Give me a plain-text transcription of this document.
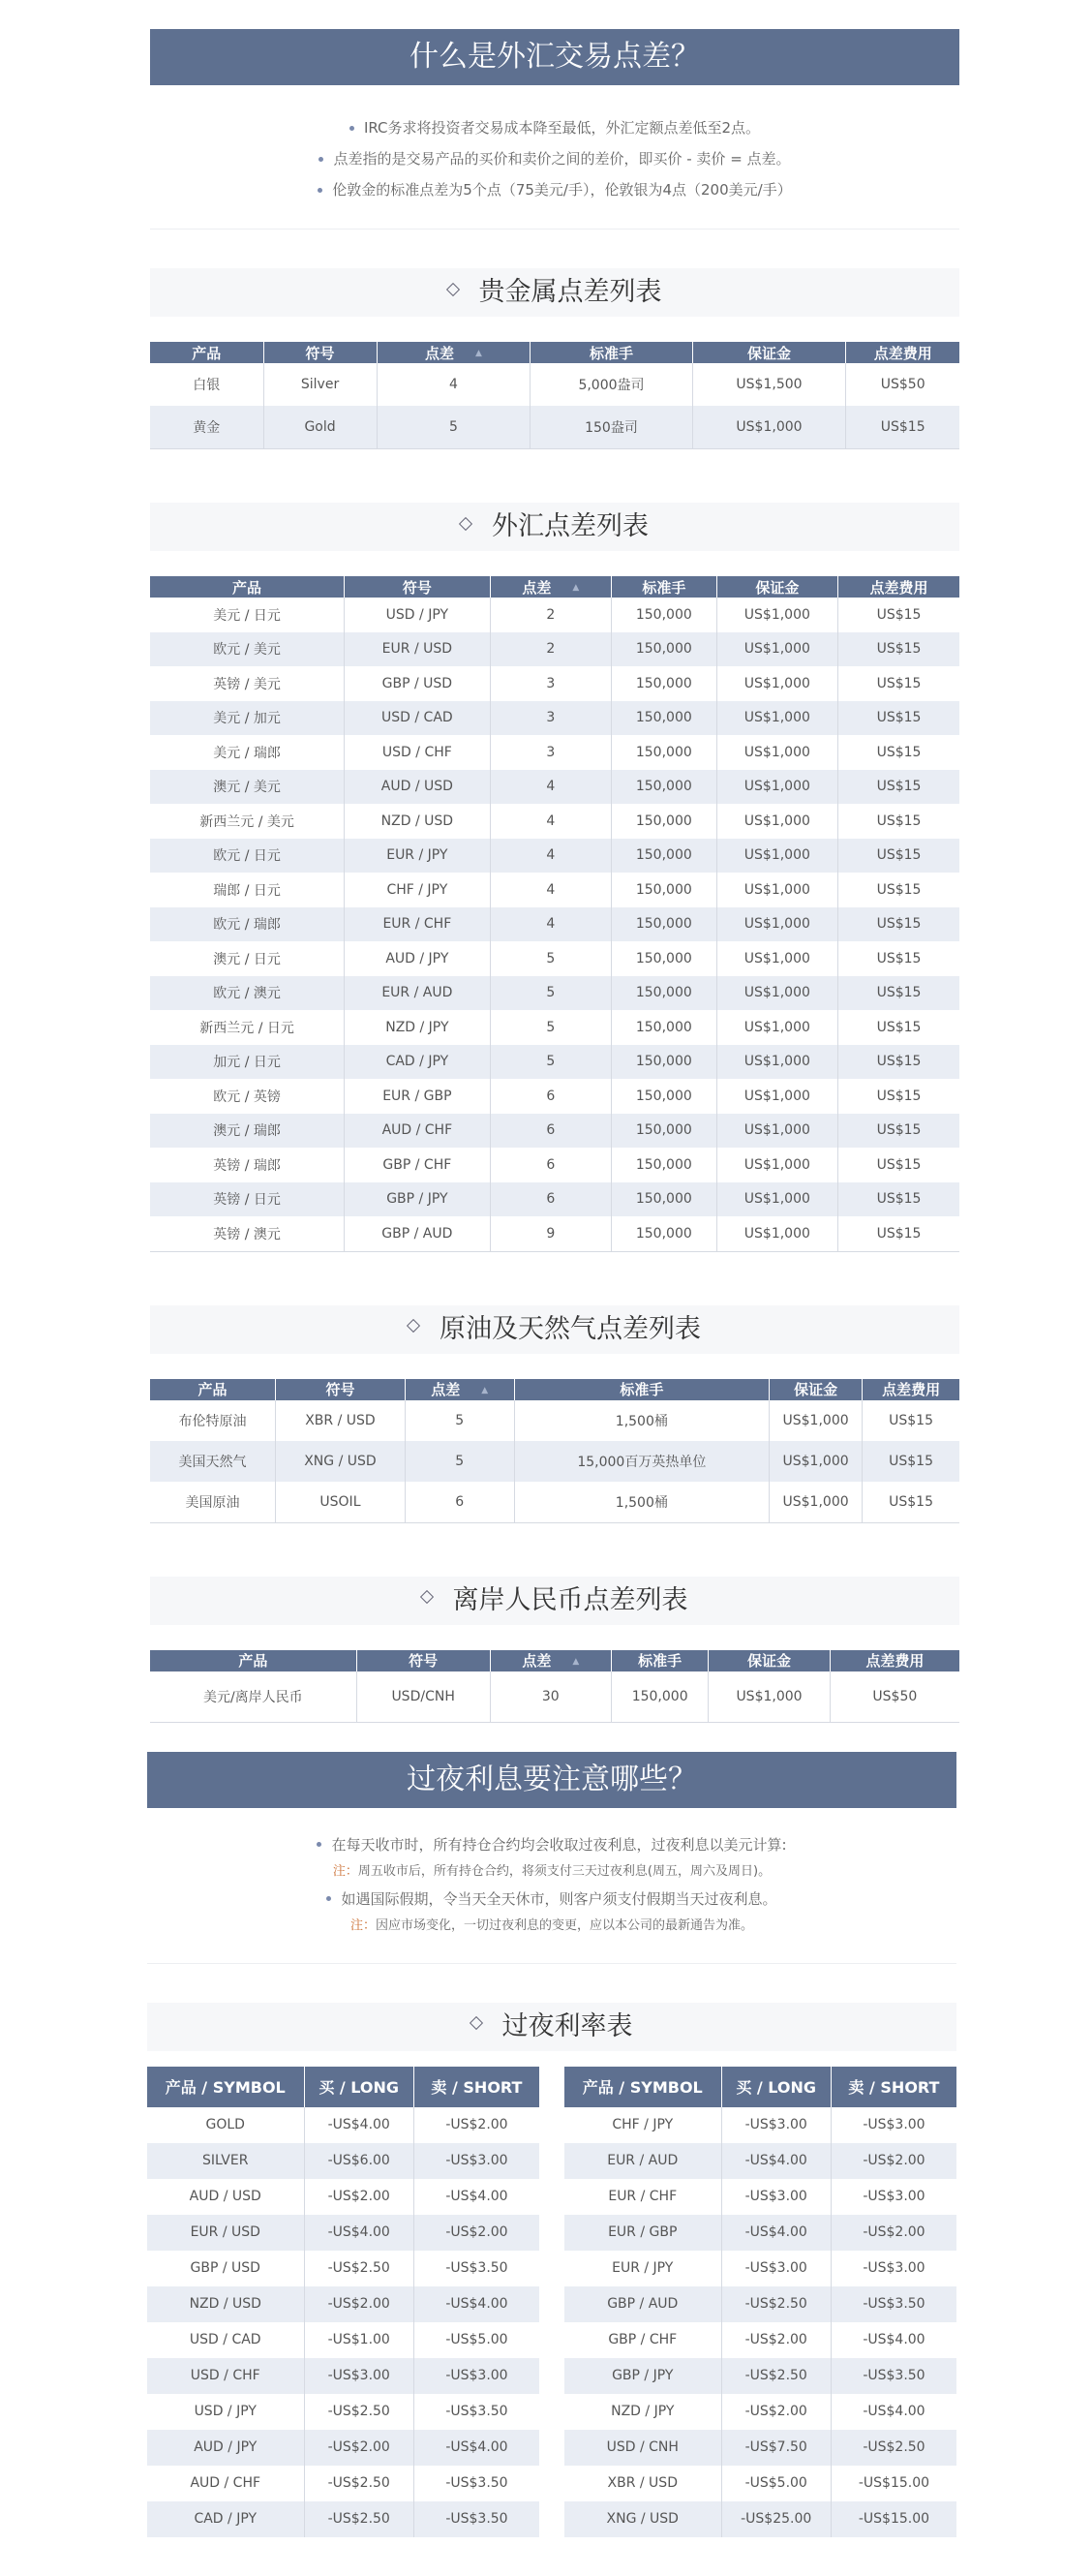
什么是外汇交易点差？
IRC务求将投资者交易成本降至最低，外汇定额点差低至2点。
点差指的是交易产品的买价和卖价之间的差价，即买价 - 卖价 = 点差。
伦敦金的标准点差为5个点（75美元/手），伦敦银为4点（200美元/手）
贵金属点差列表
产品	符号	点差 ▲	标准手	保证金	点差费用
白银	Silver	4	5,000盎司	US$1,500	US$50
黄金	Gold	5	150盎司	US$1,000	US$15
外汇点差列表
产品	符号	点差 ▲	标准手	保证金	点差费用
美元 / 日元	USD / JPY	2	150,000	US$1,000	US$15
欧元 / 美元	EUR / USD	2	150,000	US$1,000	US$15
英镑 / 美元	GBP / USD	3	150,000	US$1,000	US$15
美元 / 加元	USD / CAD	3	150,000	US$1,000	US$15
美元 / 瑞郎	USD / CHF	3	150,000	US$1,000	US$15
澳元 / 美元	AUD / USD	4	150,000	US$1,000	US$15
新西兰元 / 美元	NZD / USD	4	150,000	US$1,000	US$15
欧元 / 日元	EUR / JPY	4	150,000	US$1,000	US$15
瑞郎 / 日元	CHF / JPY	4	150,000	US$1,000	US$15
欧元 / 瑞郎	EUR / CHF	4	150,000	US$1,000	US$15
澳元 / 日元	AUD / JPY	5	150,000	US$1,000	US$15
欧元 / 澳元	EUR / AUD	5	150,000	US$1,000	US$15
新西兰元 / 日元	NZD / JPY	5	150,000	US$1,000	US$15
加元 / 日元	CAD / JPY	5	150,000	US$1,000	US$15
欧元 / 英镑	EUR / GBP	6	150,000	US$1,000	US$15
澳元 / 瑞郎	AUD / CHF	6	150,000	US$1,000	US$15
英镑 / 瑞郎	GBP / CHF	6	150,000	US$1,000	US$15
英镑 / 日元	GBP / JPY	6	150,000	US$1,000	US$15
英镑 / 澳元	GBP / AUD	9	150,000	US$1,000	US$15
原油及天然气点差列表
产品	符号	点差 ▲	标准手	保证金	点差费用
布伦特原油	XBR / USD	5	1,500桶	US$1,000	US$15
美国天然气	XNG / USD	5	15,000百万英热单位	US$1,000	US$15
美国原油	USOIL	6	1,500桶	US$1,000	US$15
离岸人民币点差列表
产品	符号	点差 ▲	标准手	保证金	点差费用
美元/离岸人民币	USD/CNH	30	150,000	US$1,000	US$50
过夜利息要注意哪些？
在每天收市时，所有持仓合约均会收取过夜利息，过夜利息以美元计算:
注：周五收市后，所有持仓合约，将须支付三天过夜利息(周五，周六及周日)。
如遇国际假期，令当天全天休市，则客户须支付假期当天过夜利息。
注：因应市场变化，一切过夜利息的变更，应以本公司的最新通告为准。
过夜利率表
产品 / SYMBOL	买 / LONG	卖 / SHORT
GOLD	-US$4.00	-US$2.00
SILVER	-US$6.00	-US$3.00
AUD / USD	-US$2.00	-US$4.00
EUR / USD	-US$4.00	-US$2.00
GBP / USD	-US$2.50	-US$3.50
NZD / USD	-US$2.00	-US$4.00
USD / CAD	-US$1.00	-US$5.00
USD / CHF	-US$3.00	-US$3.00
USD / JPY	-US$2.50	-US$3.50
AUD / JPY	-US$2.00	-US$4.00
AUD / CHF	-US$2.50	-US$3.50
CAD / JPY	-US$2.50	-US$3.50
产品 / SYMBOL	买 / LONG	卖 / SHORT
CHF / JPY	-US$3.00	-US$3.00
EUR / AUD	-US$4.00	-US$2.00
EUR / CHF	-US$3.00	-US$3.00
EUR / GBP	-US$4.00	-US$2.00
EUR / JPY	-US$3.00	-US$3.00
GBP / AUD	-US$2.50	-US$3.50
GBP / CHF	-US$2.00	-US$4.00
GBP / JPY	-US$2.50	-US$3.50
NZD / JPY	-US$2.00	-US$4.00
USD / CNH	-US$7.50	-US$2.50
XBR / USD	-US$5.00	-US$15.00
XNG / USD	-US$25.00	-US$15.00
